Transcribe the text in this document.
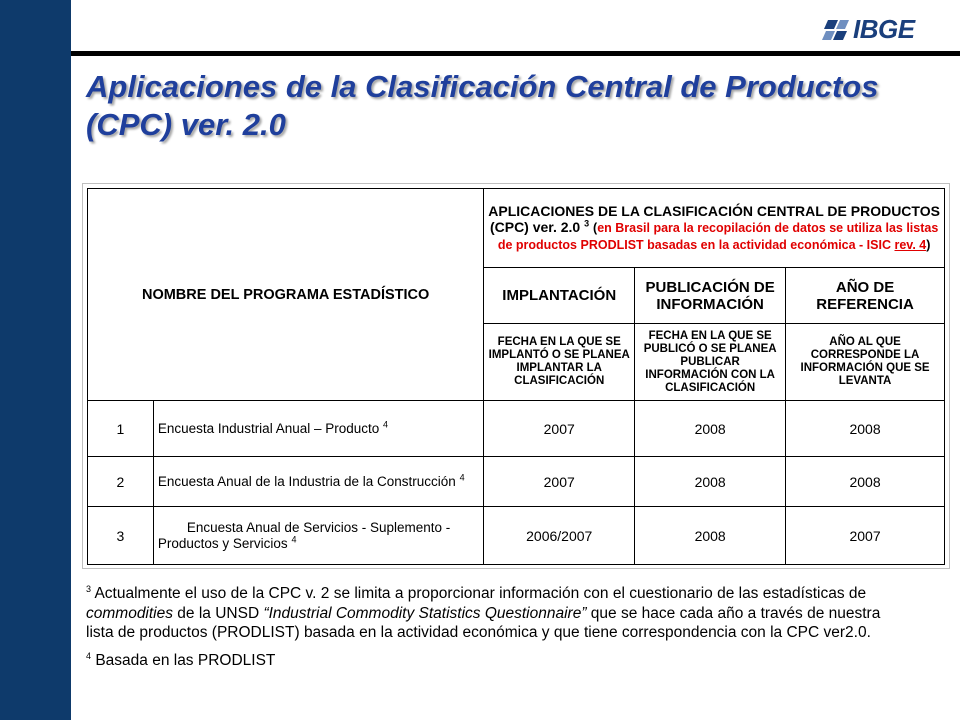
IBGE
Aplicaciones de la Clasificación Central de Productos (CPC) ver. 2.0
NOMBRE DEL PROGRAMA ESTADÍSTICO		APLICACIONES DE LA CLASIFICACIÓN CENTRAL DE PRODUCTOS (CPC) ver. 2.0 $^3$ (en Brasil para la recopilación de datos se utiliza las listas de productos PRODLIST basadas en la actividad económica - ISIC rev. 4)		
		IMPLANTACIÓN	PUBLICACIÓN DE INFORMACIÓN	AÑO DE REFERENCIA
		FECHA EN LA QUE SE IMPLANTÓ O SE PLANEA IMPLANTAR LA CLASIFICACIÓN	FECHA EN LA QUE SE PUBLICÓ O SE PLANEA PUBLICAR INFORMACIÓN CON LA CLASIFICACIÓN	AÑO AL QUE CORRESPONDE LA INFORMACIÓN QUE SE LEVANTA
1	Encuesta Industrial Anual – Producto $^4$	2007	2008	2008
2	Encuesta Anual de la Industria de la Construcción $^4$	2007	2008	2008
3	Encuesta Anual de Servicios - Suplemento - Productos y Servicios $^4$	2006/2007	2008	2007

$^3$ Actualmente el uso de la CPC v. 2 se limita a proporcionar información con el cuestionario de las estadísticas de commodities de la UNSD “Industrial Commodity Statistics Questionnaire” que se hace cada año a través de nuestra lista de productos (PRODLIST) basada en la actividad económica y que tiene correspondencia con la CPC ver2.0.

$^4$ Basada en las PRODLIST
